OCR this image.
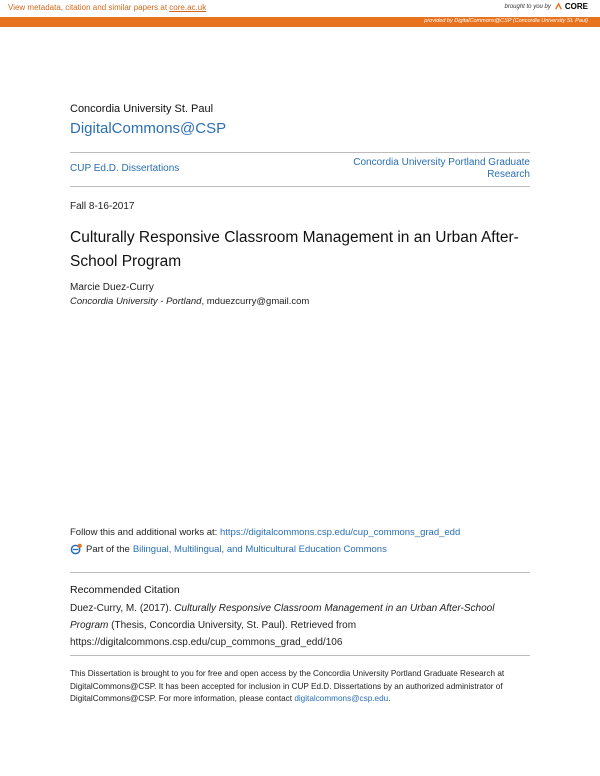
View metadata, citation and similar papers at core.ac.uk	brought to you by CORE
provided by DigitalCommons@CSP (Concordia University St. Paul)
Concordia University St. Paul
DigitalCommons@CSP
CUP Ed.D. Dissertations
Concordia University Portland Graduate Research
Fall 8-16-2017
Culturally Responsive Classroom Management in an Urban After-School Program
Marcie Duez-Curry
Concordia University - Portland, mduezcurry@gmail.com
Follow this and additional works at: https://digitalcommons.csp.edu/cup_commons_grad_edd
Part of the Bilingual, Multilingual, and Multicultural Education Commons
Recommended Citation
Duez-Curry, M. (2017). Culturally Responsive Classroom Management in an Urban After-School Program (Thesis, Concordia University, St. Paul). Retrieved from
https://digitalcommons.csp.edu/cup_commons_grad_edd/106
This Dissertation is brought to you for free and open access by the Concordia University Portland Graduate Research at DigitalCommons@CSP. It has been accepted for inclusion in CUP Ed.D. Dissertations by an authorized administrator of DigitalCommons@CSP. For more information, please contact digitalcommons@csp.edu.
